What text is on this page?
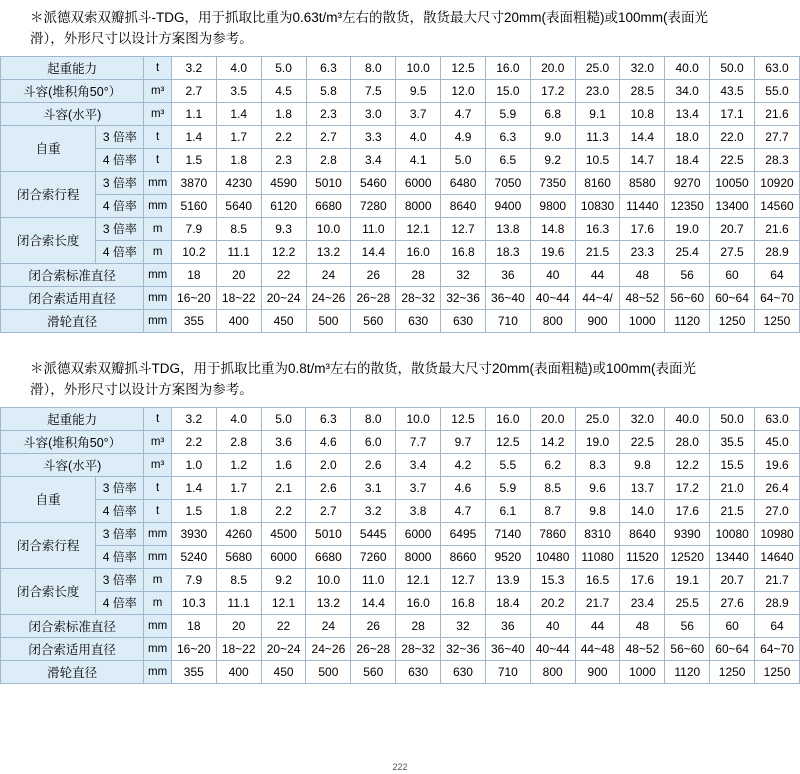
＊派德双索双瓣抓斗-TDG，用于抓取比重为0.63t/m³左右的散货，散货最大尺寸20mm(表面粗糙)或100mm(表面光
滑），外形尺寸以设计方案图为参考。
起重能力		t	3.2	4.0	5.0	6.3	8.0	10.0	12.5	16.0	20.0	25.0	32.0	40.0	50.0	63.0
斗容(堆积角50°）		m³	2.7	3.5	4.5	5.8	7.5	9.5	12.0	15.0	17.2	23.0	28.5	34.0	43.5	55.0
斗容(水平)		m³	1.1	1.4	1.8	2.3	3.0	3.7	4.7	5.9	6.8	9.1	10.8	13.4	17.1	21.6
自重	3 倍率	t	1.4	1.7	2.2	2.7	3.3	4.0	4.9	6.3	9.0	11.3	14.4	18.0	22.0	27.7
	4 倍率	t	1.5	1.8	2.3	2.8	3.4	4.1	5.0	6.5	9.2	10.5	14.7	18.4	22.5	28.3
闭合索行程	3 倍率	mm	3870	4230	4590	5010	5460	6000	6480	7050	7350	8160	8580	9270	10050	10920
	4 倍率	mm	5160	5640	6120	6680	7280	8000	8640	9400	9800	10830	11440	12350	13400	14560
闭合索长度	3 倍率	m	7.9	8.5	9.3	10.0	11.0	12.1	12.7	13.8	14.8	16.3	17.6	19.0	20.7	21.6
	4 倍率	m	10.2	11.1	12.2	13.2	14.4	16.0	16.8	18.3	19.6	21.5	23.3	25.4	27.5	28.9
闭合索标准直径		mm	18	20	22	24	26	28	32	36	40	44	48	56	60	64
闭合索适用直径		mm	16~20	18~22	20~24	24~26	26~28	28~32	32~36	36~40	40~44	44~4/	48~52	56~60	60~64	64~70
滑轮直径		mm	355	400	450	500	560	630	630	710	800	900	1000	1120	1250	1250
＊派德双索双瓣抓斗TDG，用于抓取比重为0.8t/m³左右的散货，散货最大尺寸20mm(表面粗糙)或100mm(表面光
滑），外形尺寸以设计方案图为参考。
起重能力		t	3.2	4.0	5.0	6.3	8.0	10.0	12.5	16.0	20.0	25.0	32.0	40.0	50.0	63.0
斗容(堆积角50°）		m³	2.2	2.8	3.6	4.6	6.0	7.7	9.7	12.5	14.2	19.0	22.5	28.0	35.5	45.0
斗容(水平)		m³	1.0	1.2	1.6	2.0	2.6	3.4	4.2	5.5	6.2	8.3	9.8	12.2	15.5	19.6
自重	3 倍率	t	1.4	1.7	2.1	2.6	3.1	3.7	4.6	5.9	8.5	9.6	13.7	17.2	21.0	26.4
	4 倍率	t	1.5	1.8	2.2	2.7	3.2	3.8	4.7	6.1	8.7	9.8	14.0	17.6	21.5	27.0
闭合索行程	3 倍率	mm	3930	4260	4500	5010	5445	6000	6495	7140	7860	8310	8640	9390	10080	10980
	4 倍率	mm	5240	5680	6000	6680	7260	8000	8660	9520	10480	11080	11520	12520	13440	14640
闭合索长度	3 倍率	m	7.9	8.5	9.2	10.0	11.0	12.1	12.7	13.9	15.3	16.5	17.6	19.1	20.7	21.7
	4 倍率	m	10.3	11.1	12.1	13.2	14.4	16.0	16.8	18.4	20.2	21.7	23.4	25.5	27.6	28.9
闭合索标准直径		mm	18	20	22	24	26	28	32	36	40	44	48	56	60	64
闭合索适用直径		mm	16~20	18~22	20~24	24~26	26~28	28~32	32~36	36~40	40~44	44~48	48~52	56~60	60~64	64~70
滑轮直径		mm	355	400	450	500	560	630	630	710	800	900	1000	1120	1250	1250
222
